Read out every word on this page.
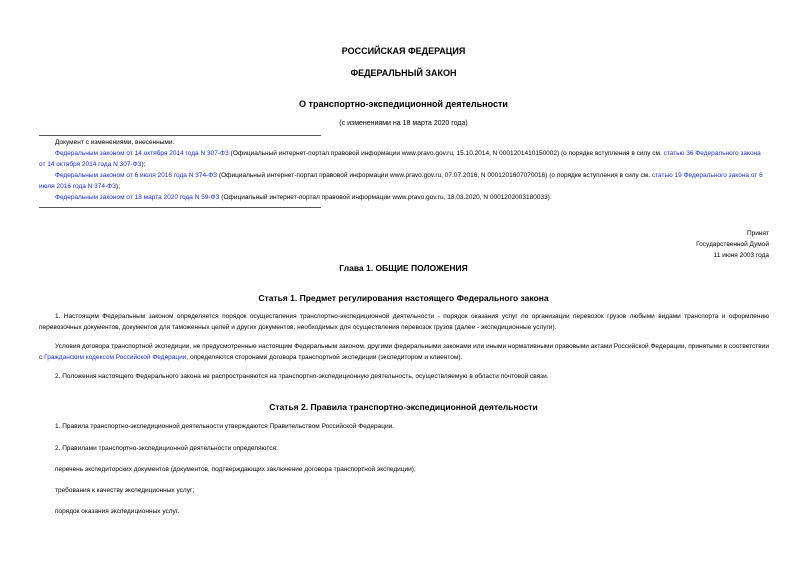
РОССИЙСКАЯ ФЕДЕРАЦИЯ
ФЕДЕРАЛЬНЫЙ ЗАКОН
О транспортно-экспедиционной деятельности
(с изменениями на 18 марта 2020 года)
Документ с изменениями, внесенными:
Федеральным законом от 14 октября 2014 года N 307-ФЗ (Официальный интернет-портал правовой информации www.pravo.gov.ru, 15.10.2014, N 0001201410150002) (о порядке вступления в силу см. статью 36 Федерального закона от 14 октября 2014 года N 307-ФЗ);
Федеральным законом от 6 июля 2016 года N 374-ФЗ (Официальный интернет-портал правовой информации www.pravo.gov.ru, 07.07.2016, N 0001201607070016) (о порядке вступления в силу см. статью 19 Федерального закона от 6 июля 2016 года N 374-ФЗ);
Федеральным законом от 18 марта 2020 года N 59-ФЗ (Официальный интернет-портал правовой информации www.pravo.gov.ru, 18.03.2020, N 0001202003180033).
Принят
Государственной Думой
11 июня 2003 года
Глава 1. ОБЩИЕ ПОЛОЖЕНИЯ
Статья 1. Предмет регулирования настоящего Федерального закона
1. Настоящим Федеральным законом определяется порядок осуществления транспортно-экспедиционной деятельности - порядок оказания услуг по организации перевозок грузов любыми видами транспорта и оформлению перевозочных документов, документов для таможенных целей и других документов, необходимых для осуществления перевозок грузов (далее - экспедиционные услуги).
Условия договора транспортной экспедиции, не предусмотренные настоящим Федеральным законом, другими федеральными законами или иными нормативными правовыми актами Российской Федерации, принятыми в соответствии с Гражданским кодексом Российской Федерации, определяются сторонами договора транспортной экспедиции (экспедитором и клиентом).
2. Положения настоящего Федерального закона не распространяются на транспортно-экспедиционную деятельность, осуществляемую в области почтовой связи.
Статья 2. Правила транспортно-экспедиционной деятельности
1. Правила транспортно-экспедиционной деятельности утверждаются Правительством Российской Федерации.
2. Правилами транспортно-экспедиционной деятельности определяются:
перечень экспедиторских документов (документов, подтверждающих заключение договора транспортной экспедиции);
требования к качеству экспедиционных услуг;
порядок оказания экспедиционных услуг.
